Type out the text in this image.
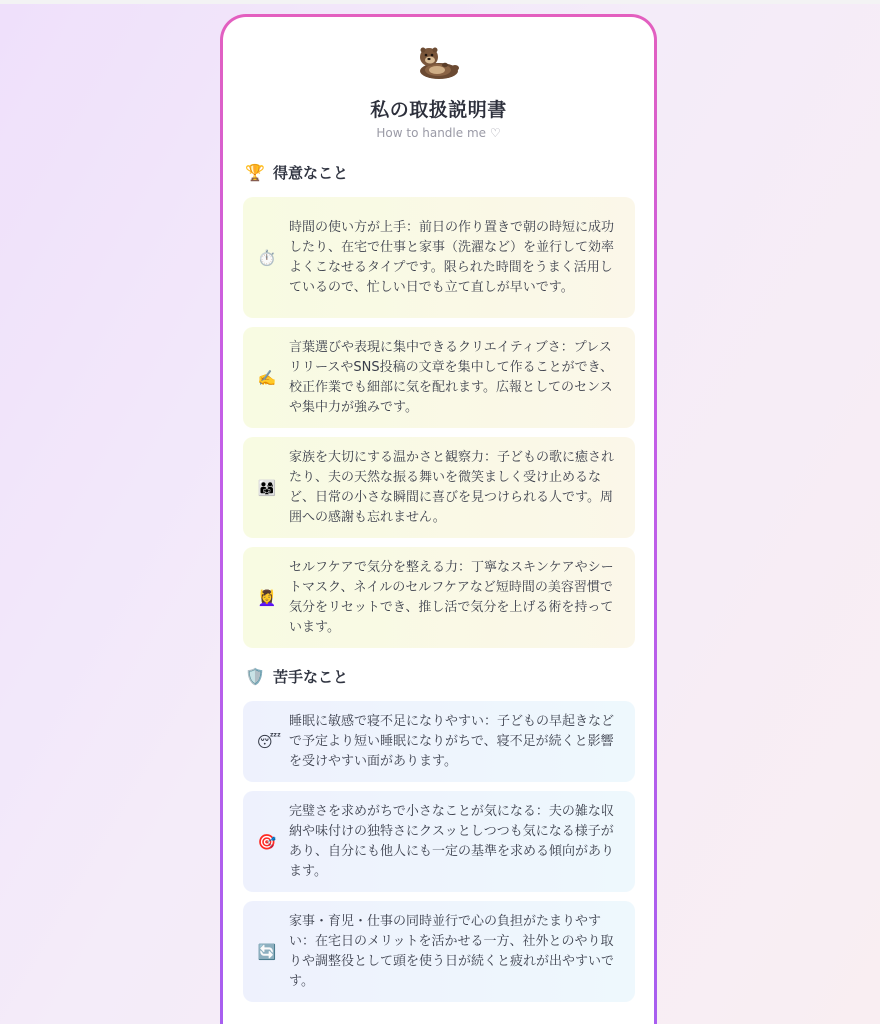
私の取扱説明書
How to handle me ♡
🏆 得意なこと
⏱️
時間の使い方が上手：前日の作り置きで朝の時短に成功したり、在宅で仕事と家事（洗濯など）を並行して効率よくこなせるタイプです。限られた時間をうまく活用しているので、忙しい日でも立て直しが早いです。
✍️
言葉選びや表現に集中できるクリエイティブさ：プレスリリースやSNS投稿の文章を集中して作ることができ、校正作業でも細部に気を配れます。広報としてのセンスや集中力が強みです。
👨‍👩‍👧
家族を大切にする温かさと観察力：子どもの歌に癒されたり、夫の天然な振る舞いを微笑ましく受け止めるなど、日常の小さな瞬間に喜びを見つけられる人です。周囲への感謝も忘れません。
💆‍♀️
セルフケアで気分を整える力：丁寧なスキンケアやシートマスク、ネイルのセルフケアなど短時間の美容習慣で気分をリセットでき、推し活で気分を上げる術を持っています。
🛡️ 苦手なこと
😴
睡眠に敏感で寝不足になりやすい：子どもの早起きなどで予定より短い睡眠になりがちで、寝不足が続くと影響を受けやすい面があります。
🎯
完璧さを求めがちで小さなことが気になる：夫の雑な収納や味付けの独特さにクスッとしつつも気になる様子があり、自分にも他人にも一定の基準を求める傾向があります。
🔄
家事・育児・仕事の同時並行で心の負担がたまりやすい：在宅日のメリットを活かせる一方、社外とのやり取りや調整役として頭を使う日が続くと疲れが出やすいです。
